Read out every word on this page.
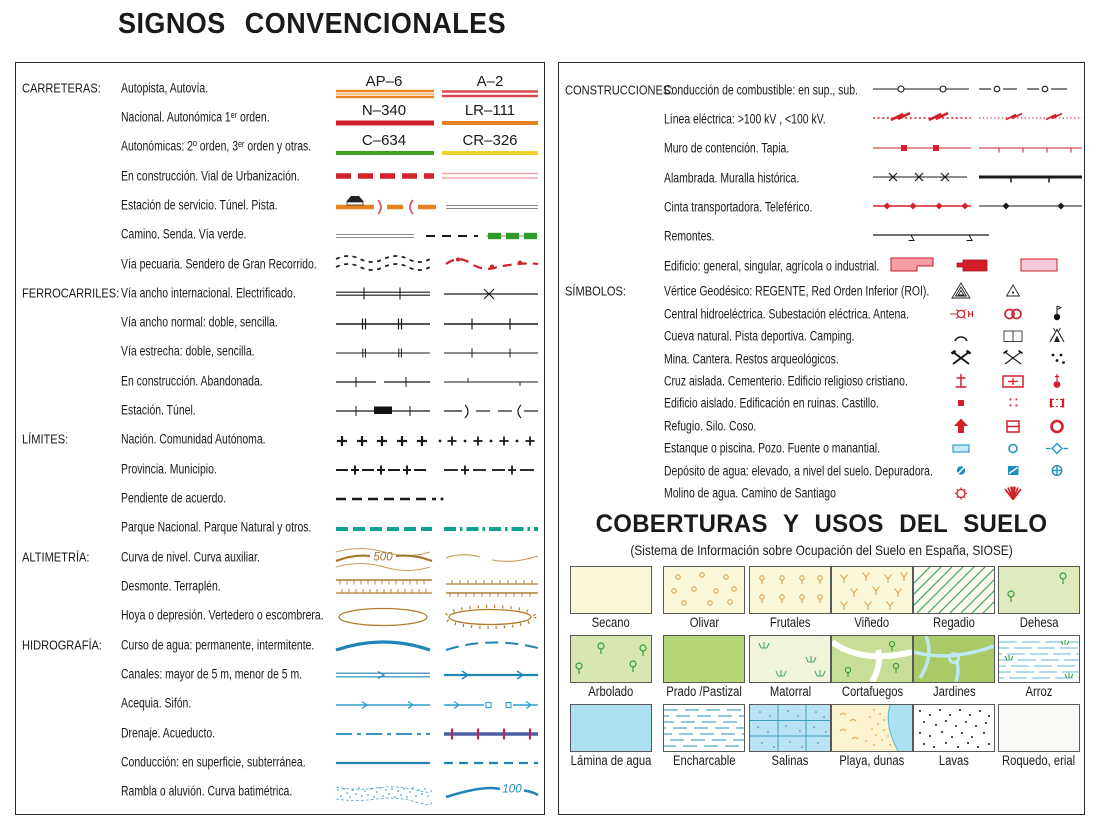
SIGNOS CONVENCIONALES
CARRETERAS: Autopista, Autovía.	AP–6	A–2
Nacional. Autonómica 1ᵉʳ orden.	N–340	LR–111
Autonómicas: 2º orden, 3ᵉʳ orden y otras.	C–634	CR–326
En construcción. Vial de Urbanización.
Estación de servicio. Túnel. Pista.
Camino. Senda. Vía verde.
Vía pecuaria. Sendero de Gran Recorrido.
FERROCARRILES: Vía ancho internacional. Electrificado.
Vía ancho normal: doble, sencilla.
Vía estrecha: doble, sencilla.
En construcción. Abandonada.
Estación. Túnel.
LÍMITES:	Nación. Comunidad Autónoma.
Provincia. Municipio.
Pendiente de acuerdo.
Parque Nacional. Parque Natural y otros.
ALTIMETRÍA: Curva de nivel. Curva auxiliar.	500
Desmonte. Terraplén.
Hoya o depresión. Vertedero o escombrera.
HIDROGRAFÍA: Curso de agua: permanente, intermitente.
Canales: mayor de 5 m, menor de 5 m.
Acequia. Sifón.
Drenaje. Acueducto.
Conducción: en superficie, subterránea.
Rambla o aluvión. Curva batimétrica.	100
CONSTRUCCIONES:
Conducción de combustible: en sup., sub.
Línea eléctrica: >100 kV , <100 kV.
Muro de contención. Tapia.
Alambrada. Muralla histórica.
Cinta transportadora. Teleférico.
Remontes.
Edificio: general, singular, agrícola o industrial.
SÍMBOLOS:	Vértice Geodésico: REGENTE, Red Orden Inferior (ROI).
Central hidroeléctrica. Subestación eléctrica. Antena.	H
Cueva natural. Pista deportiva. Camping.
Mina. Cantera. Restos arqueológicos.
Cruz aislada. Cementerio. Edificio religioso cristiano.
Edificio aislado. Edificación en ruinas. Castillo.
Refugio. Silo. Coso.
Estanque o piscina. Pozo. Fuente o manantial.
Depósito de agua: elevado, a nivel del suelo. Depuradora.
Molino de agua. Camino de Santiago
COBERTURAS Y USOS DEL SUELO
(Sistema de Información sobre Ocupación del Suelo en España, SIOSE)
Secano	Olivar	Frutales	Viñedo	Regadio	Dehesa
Arbolado	Prado /Pastizal	Matorral	Cortafuegos	Jardines	Arroz
Lámina de agua	Encharcable	Salinas	Playa, dunas	Lavas	Roquedo, erial
